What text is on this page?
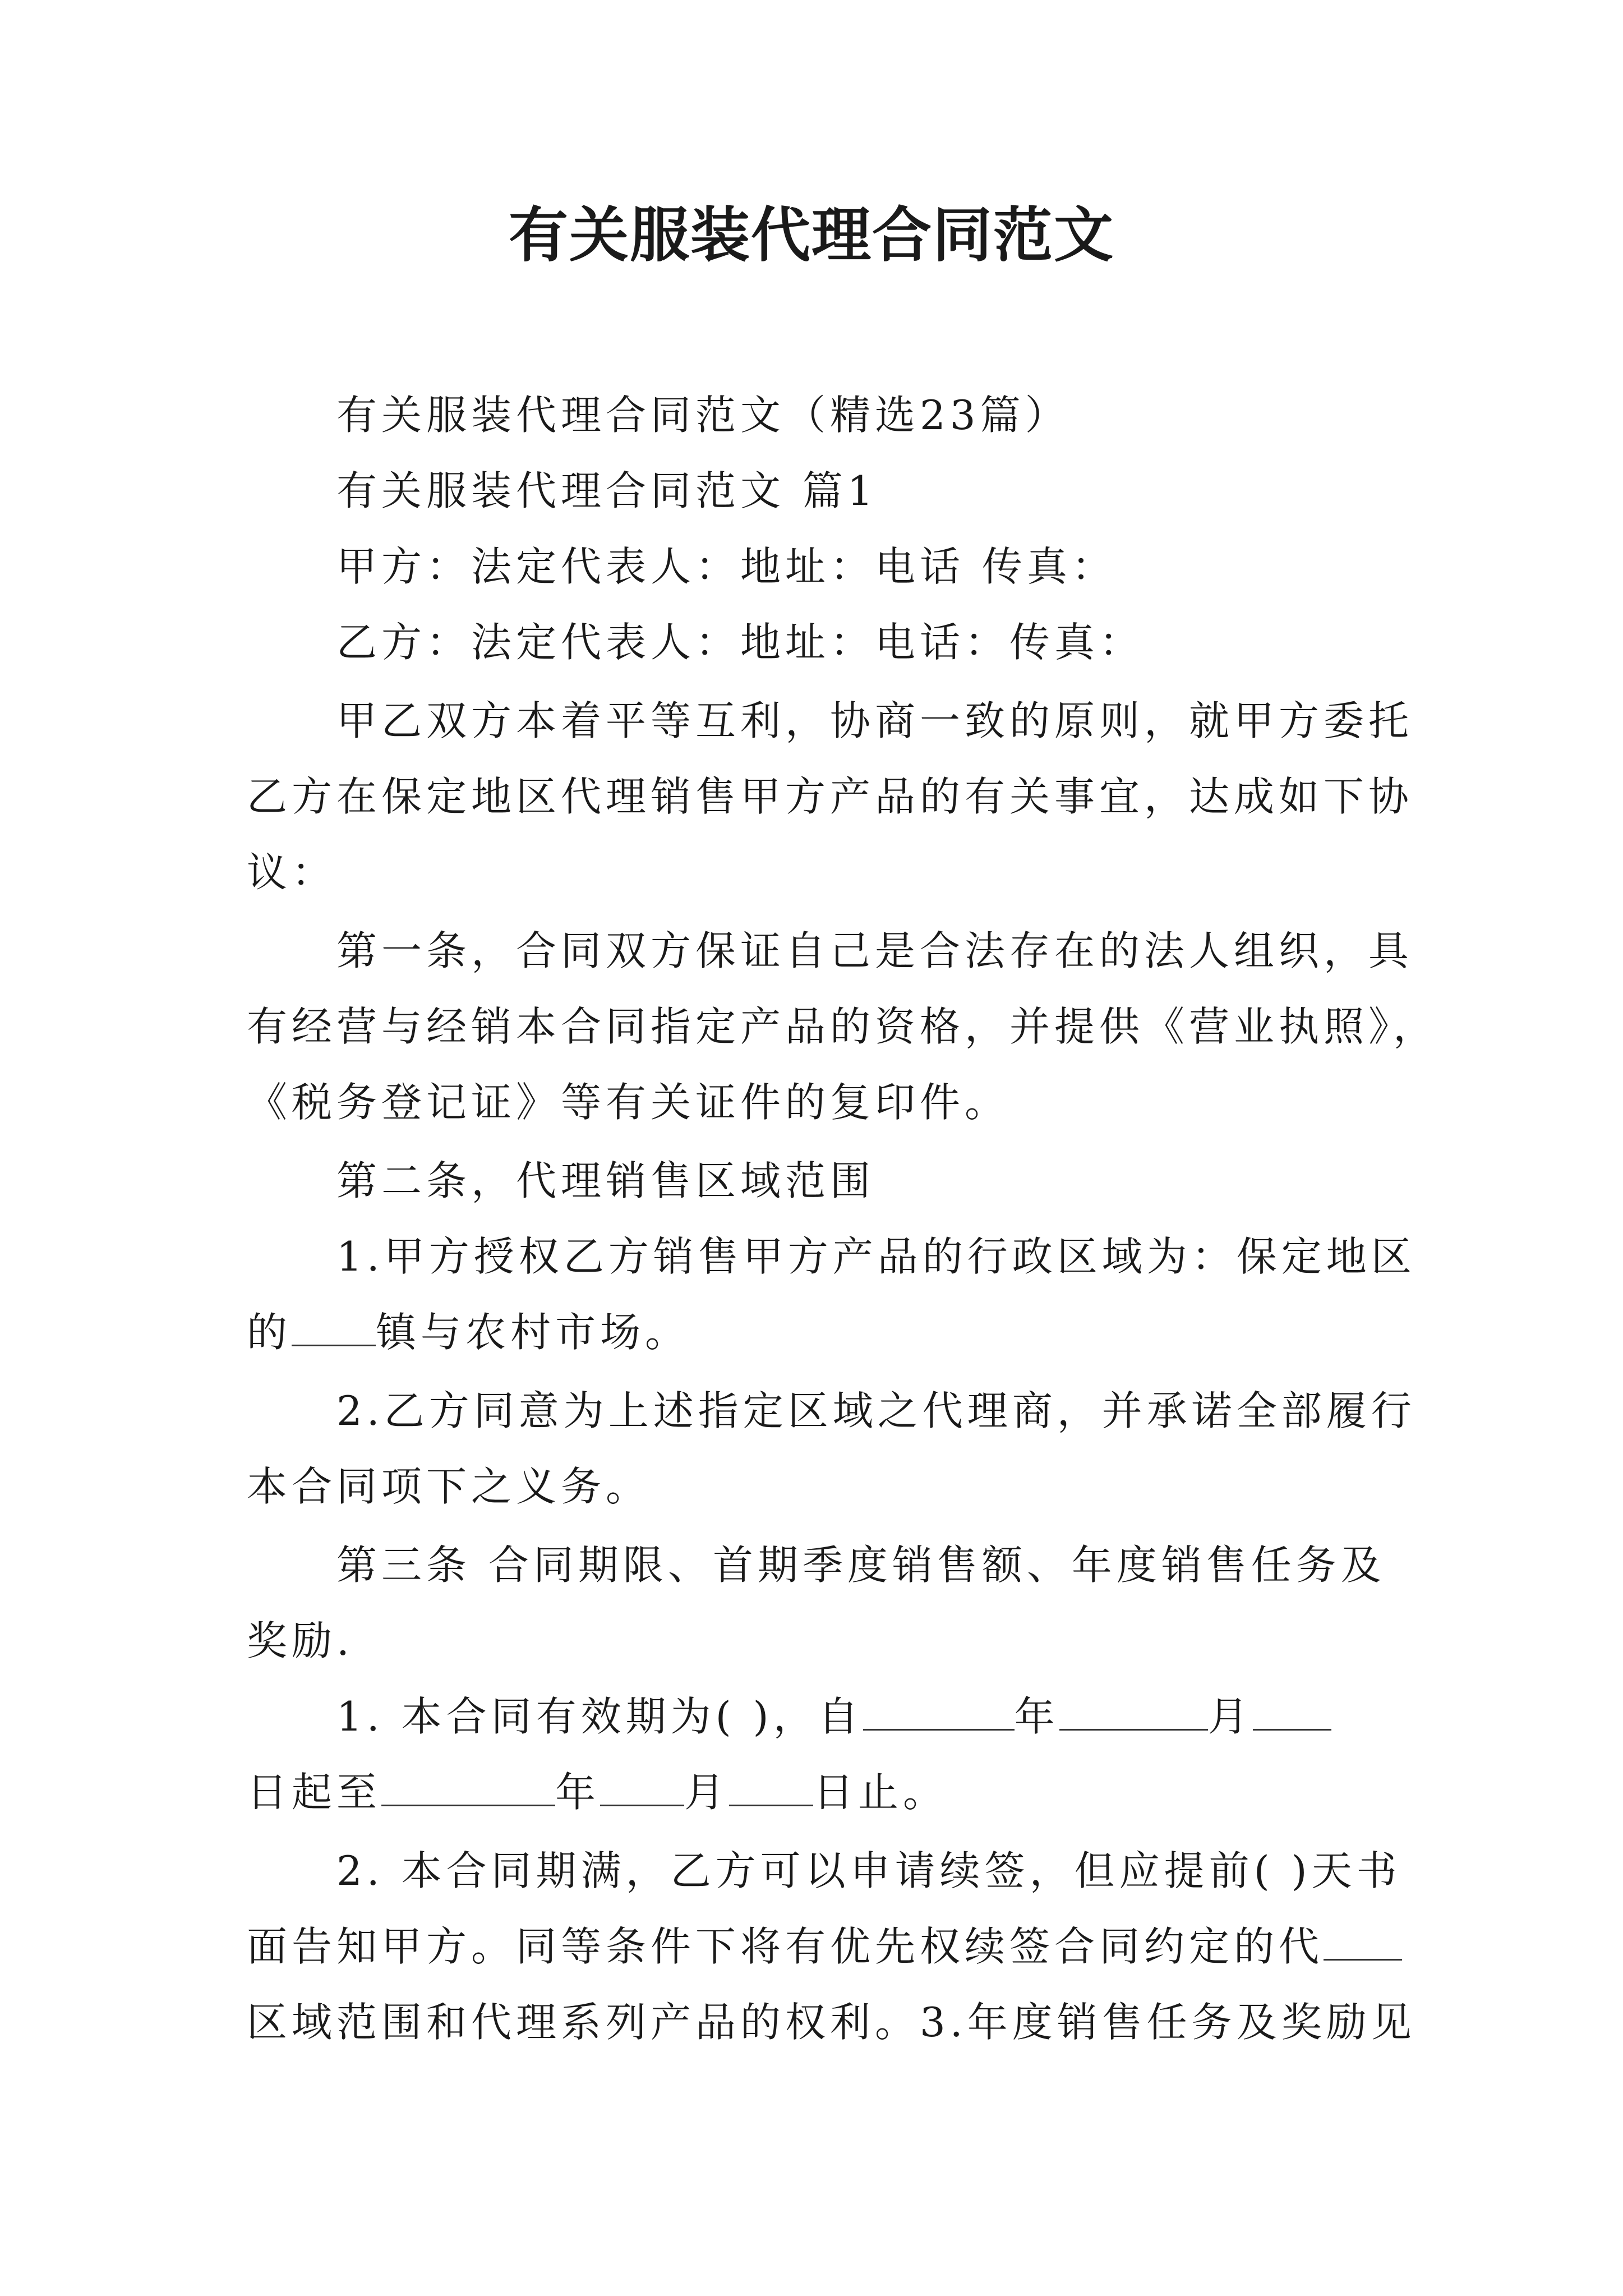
有关服装代理合同范文

有关服装代理合同范文（精选23篇）

有关服装代理合同范文 篇1

甲方：法定代表人：地址：电话 传真：

乙方：法定代表人：地址：电话：传真：

甲乙双方本着平等互利，协商一致的原则，就甲方委托

乙方在保定地区代理销售甲方产品的有关事宜，达成如下协

议：

第一条，合同双方保证自己是合法存在的法人组织，具

有经营与经销本合同指定产品的资格，并提供《营业执照》，

《税务登记证》等有关证件的复印件。

第二条，代理销售区域范围

1.甲方授权乙方销售甲方产品的行政区域为：保定地区

的 镇与农村市场。

2.乙方同意为上述指定区域之代理商，并承诺全部履行

本合同项下之义务。

第三条 合同期限、首期季度销售额、年度销售任务及

奖励.

1. 本合同有效期为( )，自	年	月

日起至	年 月 日止。

2. 本合同期满，乙方可以申请续签，但应提前( )天书

面告知甲方。同等条件下将有优先权续签合同约定的代

区域范围和代理系列产品的权利。3.年度销售任务及奖励见
